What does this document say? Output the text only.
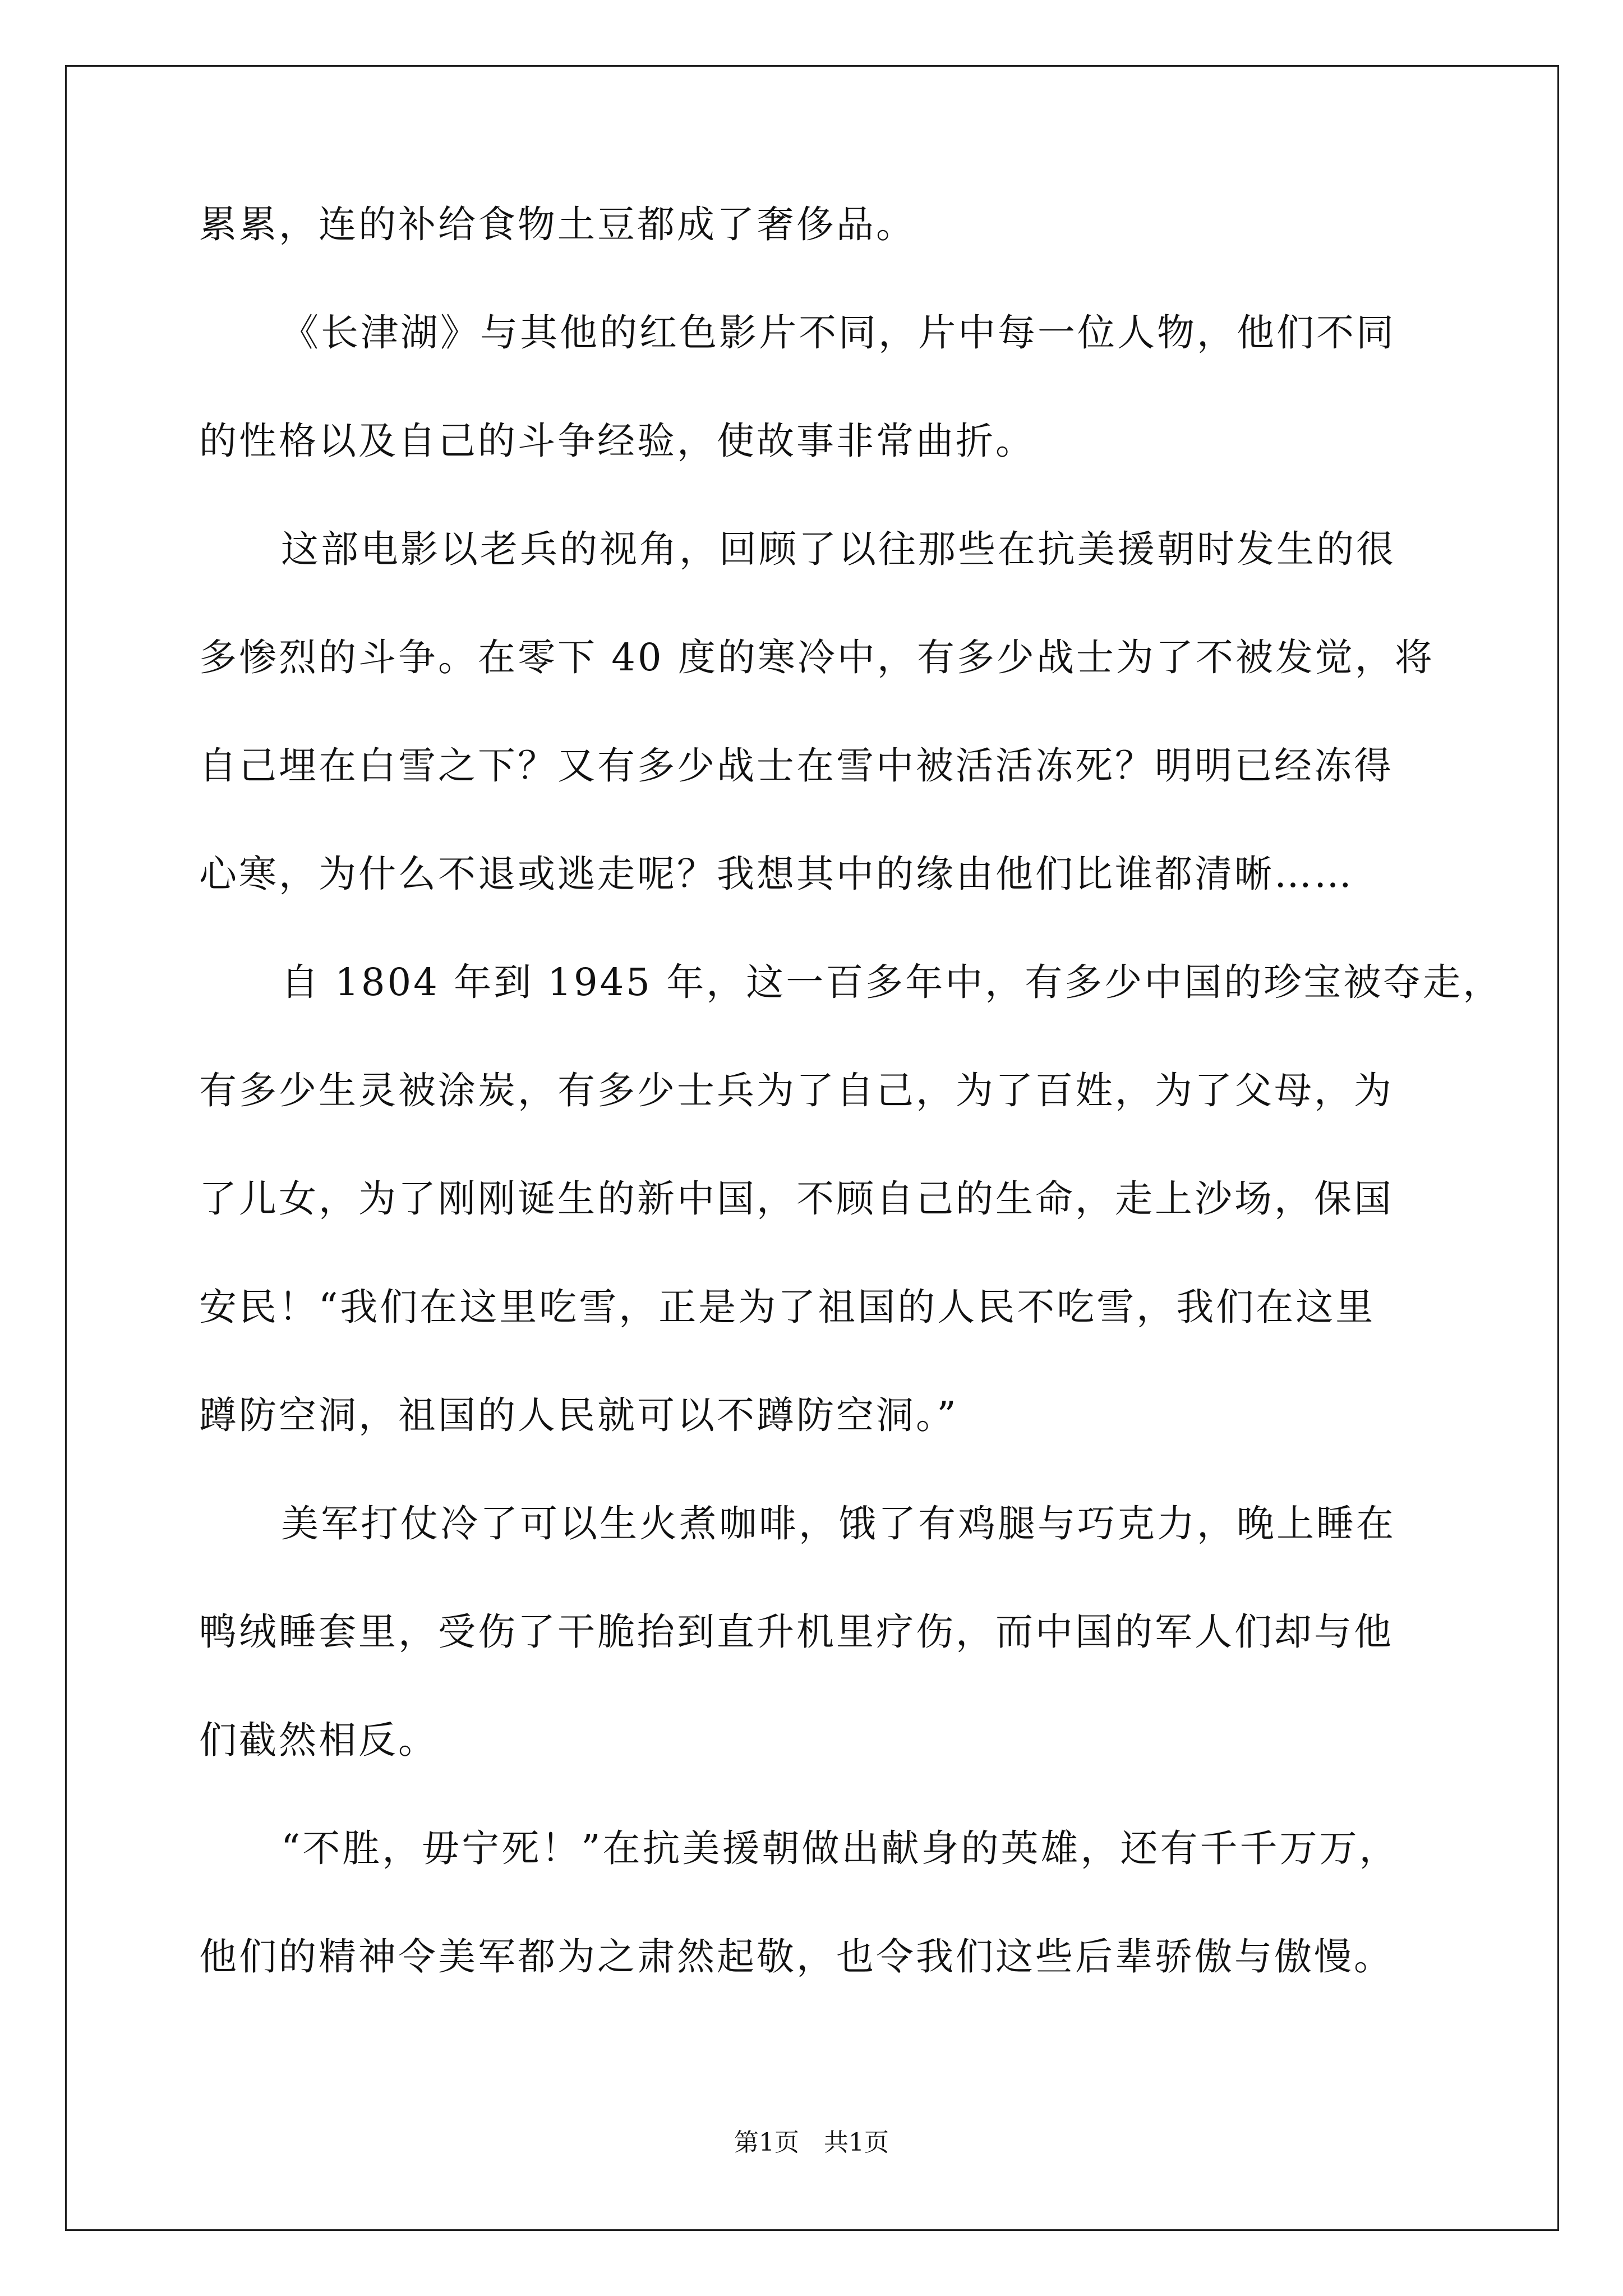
累累，连的补给食物土豆都成了奢侈品。
《长津湖》与其他的红色影片不同，片中每一位人物，他们不同
的性格以及自己的斗争经验，使故事非常曲折。
这部电影以老兵的视角，回顾了以往那些在抗美援朝时发生的很
多惨烈的斗争。在零下 40 度的寒冷中，有多少战士为了不被发觉，将
自己埋在白雪之下？又有多少战士在雪中被活活冻死？明明已经冻得
心寒，为什么不退或逃走呢？我想其中的缘由他们比谁都清晰……
自 1804 年到 1945 年，这一百多年中，有多少中国的珍宝被夺走，
有多少生灵被涂炭，有多少士兵为了自己，为了百姓，为了父母，为
了儿女，为了刚刚诞生的新中国，不顾自己的生命，走上沙场，保国
安民！“我们在这里吃雪，正是为了祖国的人民不吃雪，我们在这里
蹲防空洞，祖国的人民就可以不蹲防空洞。”
美军打仗冷了可以生火煮咖啡，饿了有鸡腿与巧克力，晚上睡在
鸭绒睡套里，受伤了干脆抬到直升机里疗伤，而中国的军人们却与他
们截然相反。
“不胜，毋宁死！”在抗美援朝做出献身的英雄，还有千千万万，
他们的精神令美军都为之肃然起敬，也令我们这些后辈骄傲与傲慢。
第1页　共1页
